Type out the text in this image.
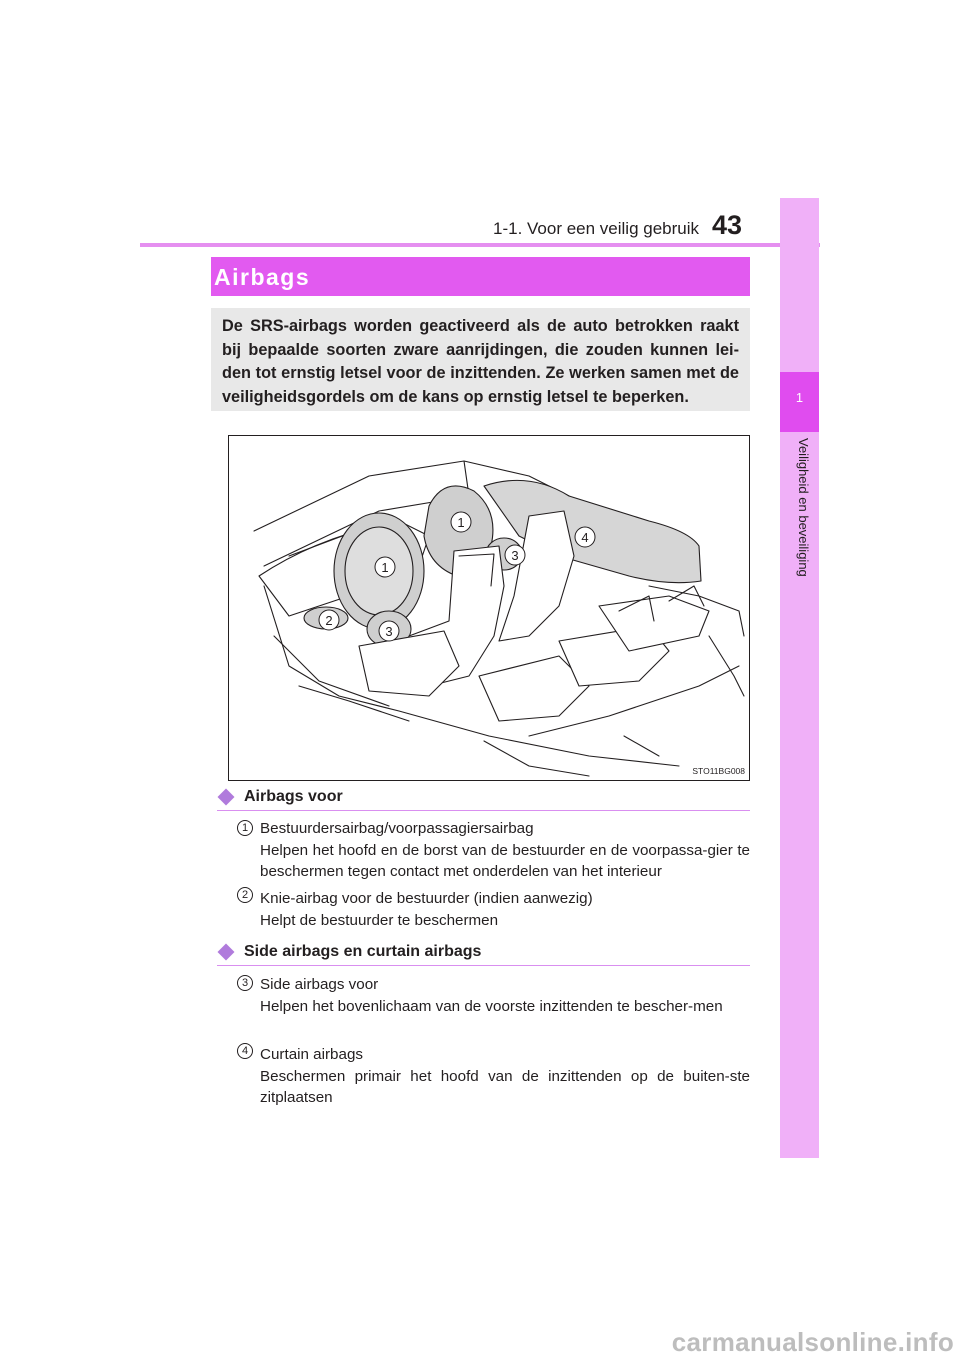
1-1. Voor een veilig gebruik 43
1
Veiligheid en beveiliging
Airbags
De SRS-airbags worden geactiveerd als de auto betrokken raakt bij bepaalde soorten zware aanrijdingen, die zouden kunnen lei-den tot ernstig letsel voor de inzittenden. Ze werken samen met de veiligheidsgordels om de kans op ernstig letsel te beperken.
1
1
2
3
3
4
STO11BG008
Airbags voor
1 Bestuurdersairbag/voorpassagiersairbag
Helpen het hoofd en de borst van de bestuurder en de voorpassa-gier te beschermen tegen contact met onderdelen van het interieur
2 Knie-airbag voor de bestuurder (indien aanwezig)
Helpt de bestuurder te beschermen
Side airbags en curtain airbags
3 Side airbags voor
Helpen het bovenlichaam van de voorste inzittenden te bescher-men
4 Curtain airbags
Beschermen primair het hoofd van de inzittenden op de buiten-ste zitplaatsen
carmanualsonline.info
